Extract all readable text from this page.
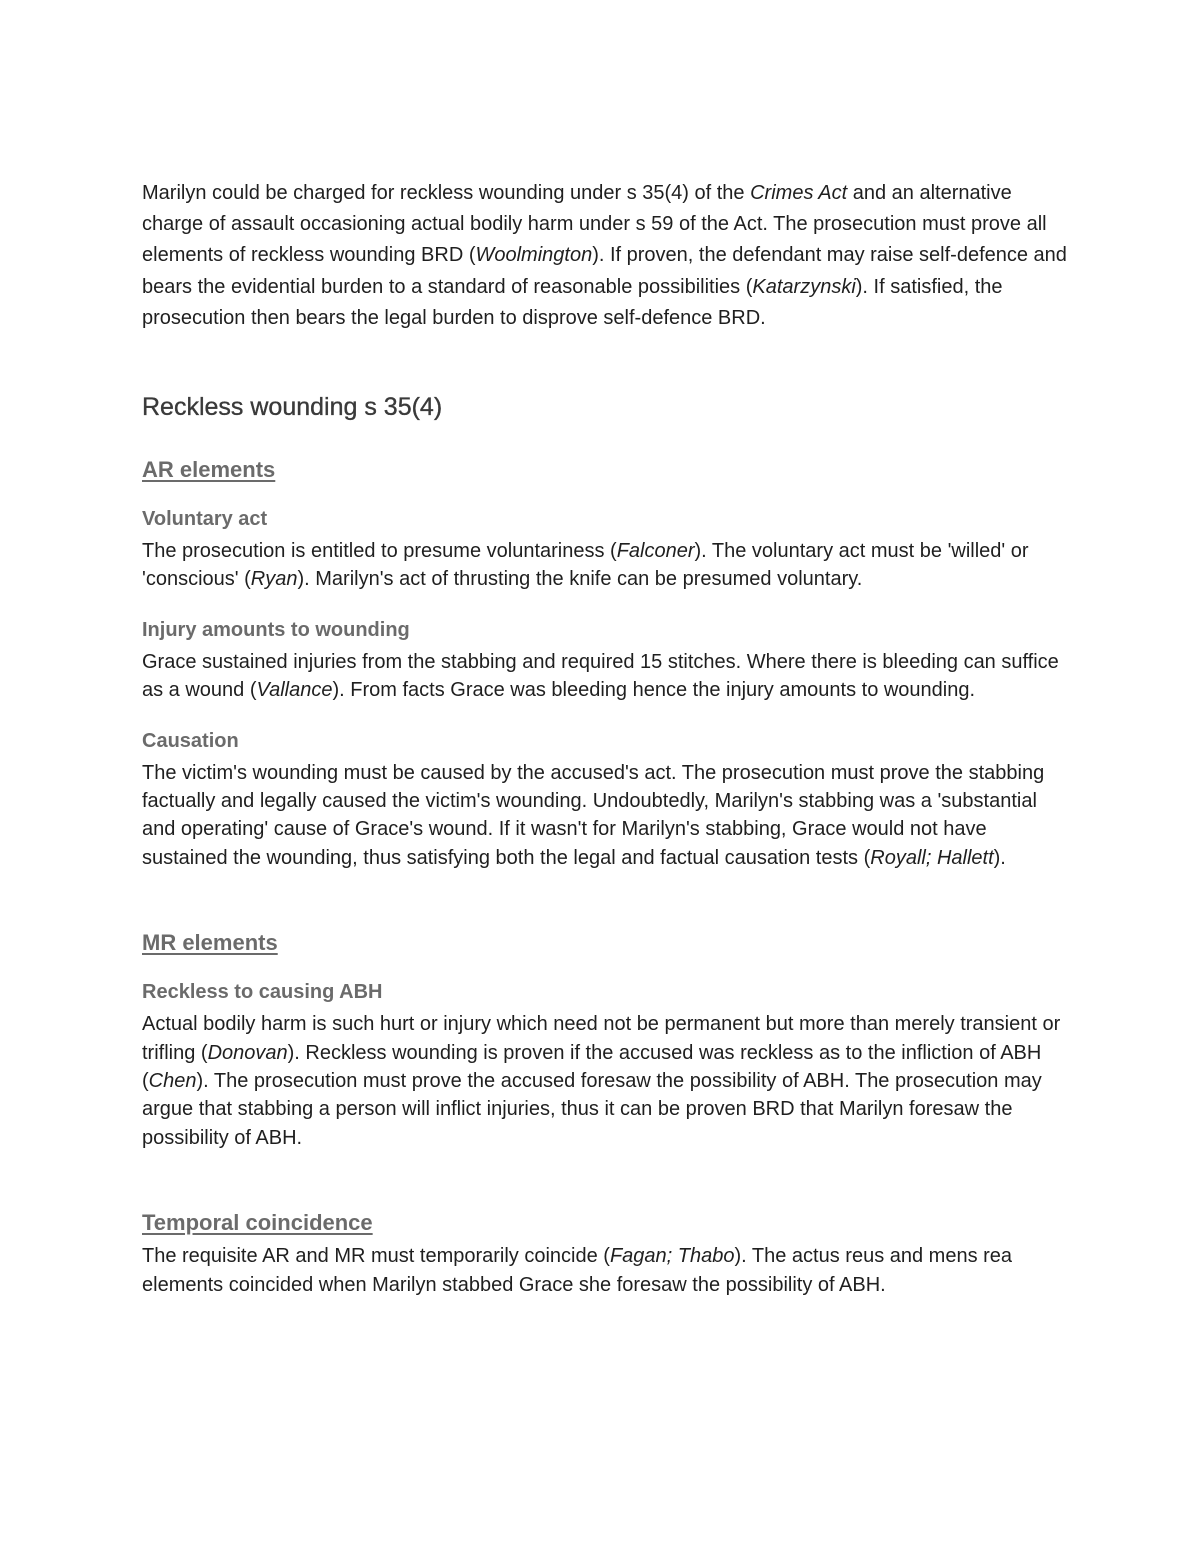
Marilyn could be charged for reckless wounding under s 35(4) of the Crimes Act and an alternative charge of assault occasioning actual bodily harm under s 59 of the Act. The prosecution must prove all elements of reckless wounding BRD (Woolmington). If proven, the defendant may raise self-defence and bears the evidential burden to a standard of reasonable possibilities (Katarzynski). If satisfied, the prosecution then bears the legal burden to disprove self-defence BRD.

Reckless wounding s 35(4)
AR elements
Voluntary act

The prosecution is entitled to presume voluntariness (Falconer). The voluntary act must be 'willed' or 'conscious' (Ryan). Marilyn's act of thrusting the knife can be presumed voluntary.

Injury amounts to wounding

Grace sustained injuries from the stabbing and required 15 stitches. Where there is bleeding can suffice as a wound (Vallance). From facts Grace was bleeding hence the injury amounts to wounding.

Causation

The victim's wounding must be caused by the accused's act. The prosecution must prove the stabbing factually and legally caused the victim's wounding. Undoubtedly, Marilyn's stabbing was a 'substantial and operating' cause of Grace's wound. If it wasn't for Marilyn's stabbing, Grace would not have sustained the wounding, thus satisfying both the legal and factual causation tests (Royall; Hallett).

MR elements
Reckless to causing ABH

Actual bodily harm is such hurt or injury which need not be permanent but more than merely transient or trifling (Donovan). Reckless wounding is proven if the accused was reckless as to the infliction of ABH (Chen). The prosecution must prove the accused foresaw the possibility of ABH. The prosecution may argue that stabbing a person will inflict injuries, thus it can be proven BRD that Marilyn foresaw the possibility of ABH.

Temporal coincidence

The requisite AR and MR must temporarily coincide (Fagan; Thabo). The actus reus and mens rea elements coincided when Marilyn stabbed Grace she foresaw the possibility of ABH.
